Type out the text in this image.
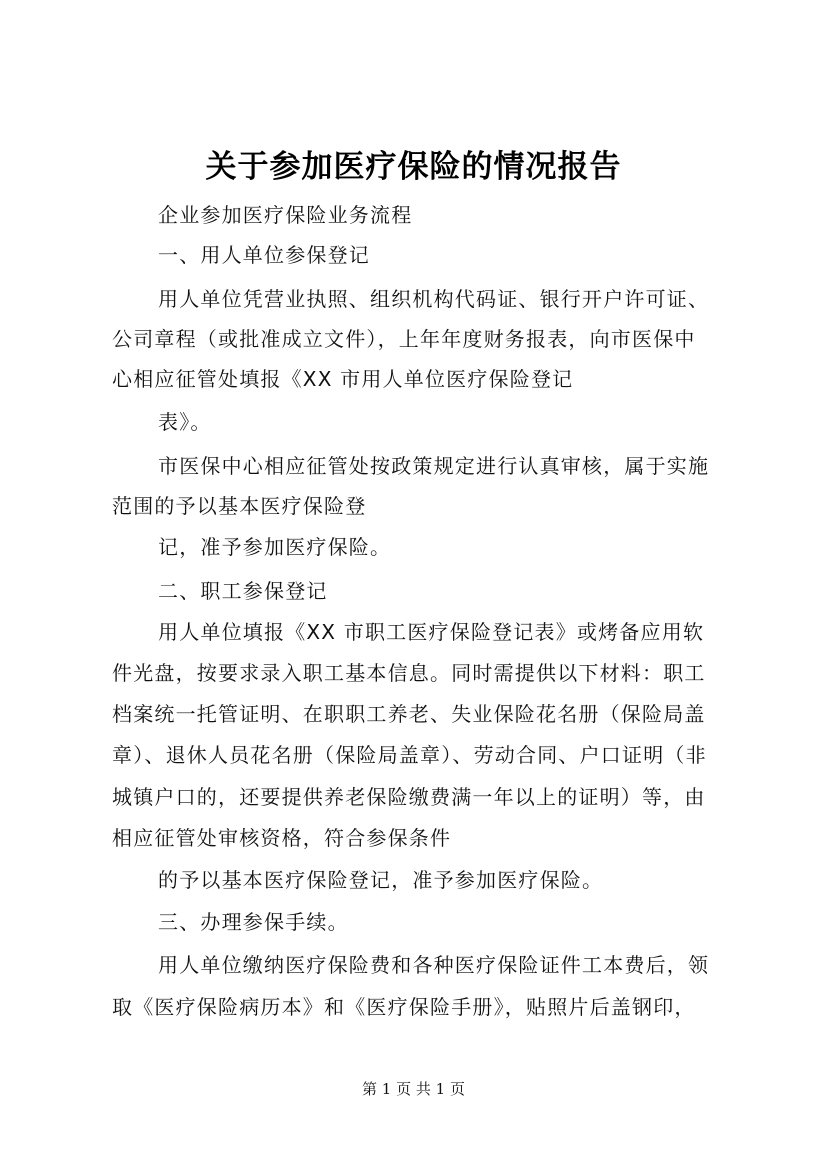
关于参加医疗保险的情况报告
企业参加医疗保险业务流程
一、用人单位参保登记
用人单位凭营业执照、组织机构代码证、银行开户许可证、
公司章程（或批准成立文件），上年年度财务报表，向市医保中
心相应征管处填报《XX 市用人单位医疗保险登记
表》。
市医保中心相应征管处按政策规定进行认真审核，属于实施
范围的予以基本医疗保险登
记，准予参加医疗保险。
二、职工参保登记
用人单位填报《XX 市职工医疗保险登记表》或烤备应用软
件光盘，按要求录入职工基本信息。同时需提供以下材料：职工
档案统一托管证明、在职职工养老、失业保险花名册（保险局盖
章）、退休人员花名册（保险局盖章）、劳动合同、户口证明（非
城镇户口的，还要提供养老保险缴费满一年以上的证明）等，由
相应征管处审核资格，符合参保条件
的予以基本医疗保险登记，准予参加医疗保险。
三、办理参保手续。
用人单位缴纳医疗保险费和各种医疗保险证件工本费后，领
取《医疗保险病历本》和《医疗保险手册》，贴照片后盖钢印，
第 1 页 共 1 页
